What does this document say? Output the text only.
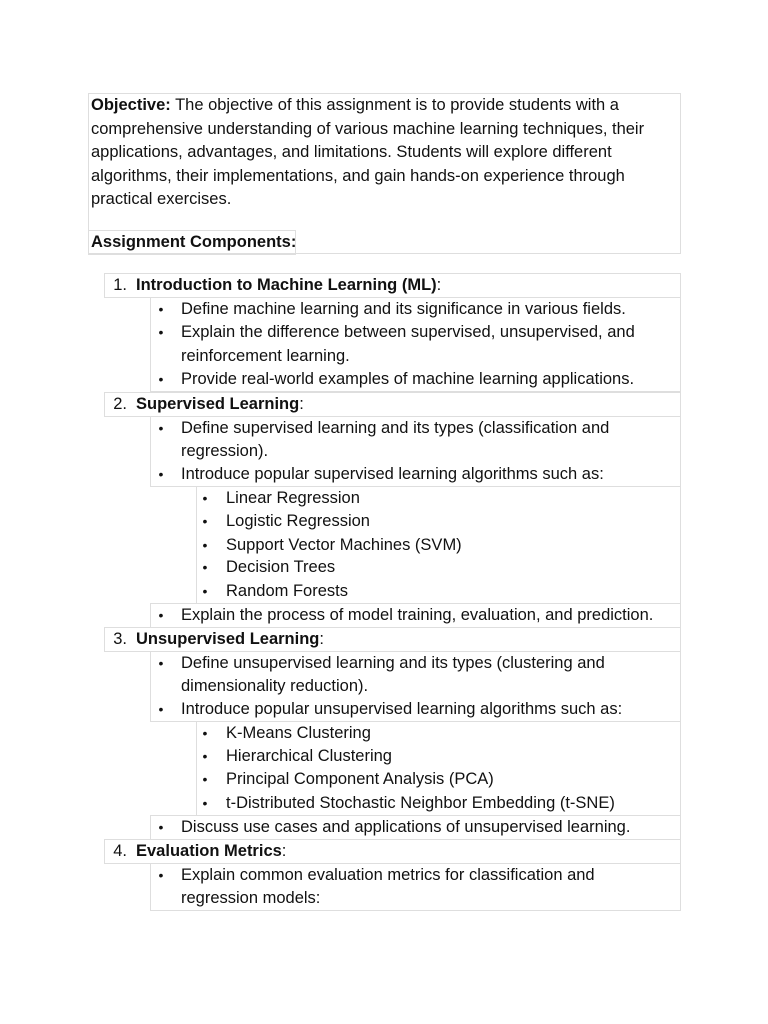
Objective: The objective of this assignment is to provide students with a
comprehensive understanding of various machine learning techniques, their
applications, advantages, and limitations. Students will explore different
algorithms, their implementations, and gain hands-on experience through
practical exercises.
Assignment Components:
1. Introduction to Machine Learning (ML):
• Define machine learning and its significance in various fields.
• Explain the difference between supervised, unsupervised, and
reinforcement learning.
• Provide real-world examples of machine learning applications.
2. Supervised Learning:
• Define supervised learning and its types (classification and
regression).
• Introduce popular supervised learning algorithms such as:
• Linear Regression
• Logistic Regression
• Support Vector Machines (SVM)
• Decision Trees
• Random Forests
• Explain the process of model training, evaluation, and prediction.
3. Unsupervised Learning:
• Define unsupervised learning and its types (clustering and
dimensionality reduction).
• Introduce popular unsupervised learning algorithms such as:
• K-Means Clustering
• Hierarchical Clustering
• Principal Component Analysis (PCA)
• t-Distributed Stochastic Neighbor Embedding (t-SNE)
• Discuss use cases and applications of unsupervised learning.
4. Evaluation Metrics:
• Explain common evaluation metrics for classification and
regression models:
